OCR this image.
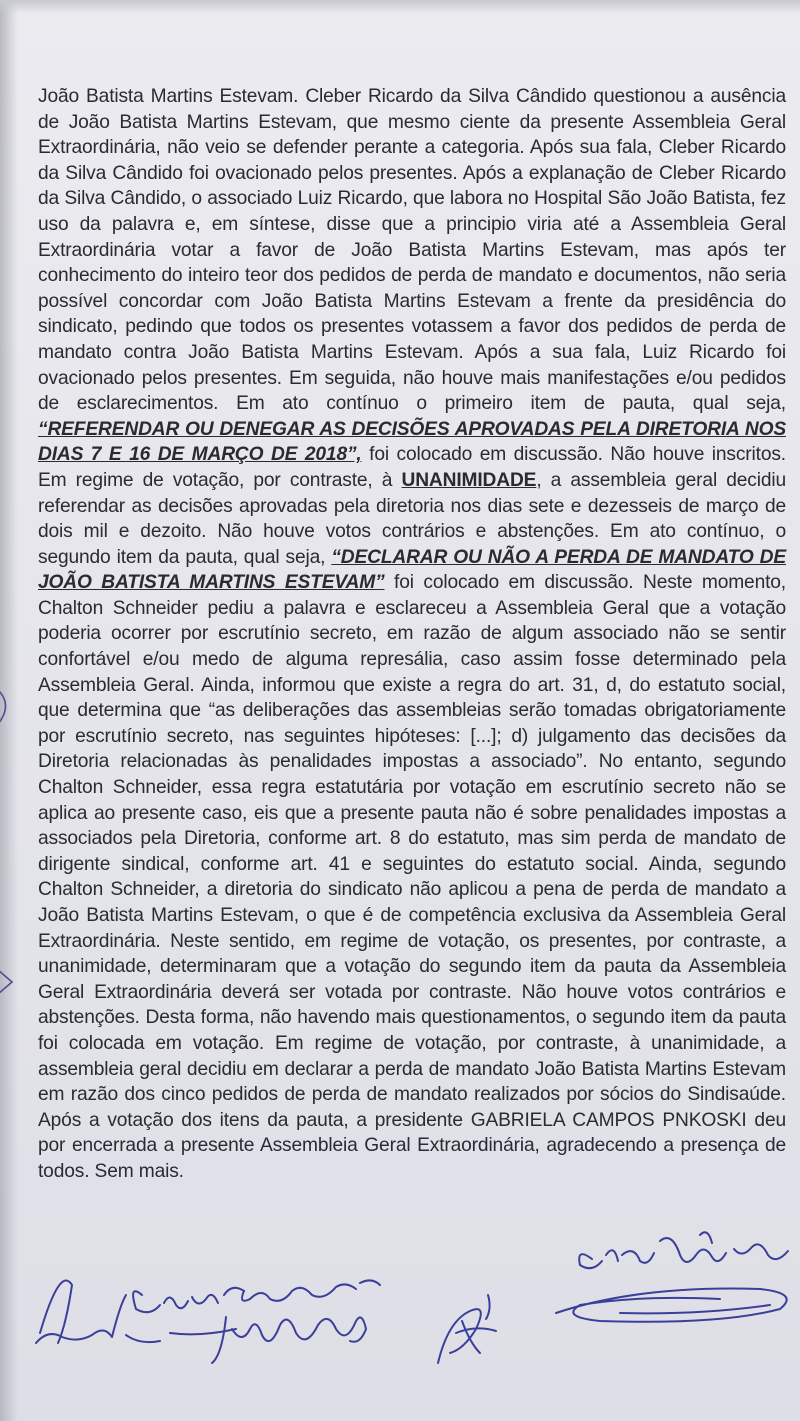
João Batista Martins Estevam. Cleber Ricardo da Silva Cândido questionou a ausência de João Batista Martins Estevam, que mesmo ciente da presente Assembleia Geral Extraordinária, não veio se defender perante a categoria. Após sua fala, Cleber Ricardo da Silva Cândido foi ovacionado pelos presentes. Após a explanação de Cleber Ricardo da Silva Cândido, o associado Luiz Ricardo, que labora no Hospital São João Batista, fez uso da palavra e, em síntese, disse que a principio viria até a Assembleia Geral Extraordinária votar a favor de João Batista Martins Estevam, mas após ter conhecimento do inteiro teor dos pedidos de perda de mandato e documentos, não seria possível concordar com João Batista Martins Estevam a frente da presidência do sindicato, pedindo que todos os presentes votassem a favor dos pedidos de perda de mandato contra João Batista Martins Estevam. Após a sua fala, Luiz Ricardo foi ovacionado pelos presentes. Em seguida, não houve mais manifestações e/ou pedidos de esclarecimentos. Em ato contínuo o primeiro item de pauta, qual seja, “REFERENDAR OU DENEGAR AS DECISÕES APROVADAS PELA DIRETORIA NOS DIAS 7 E 16 DE MARÇO DE 2018”, foi colocado em discussão. Não houve inscritos. Em regime de votação, por contraste, à UNANIMIDADE, a assembleia geral decidiu referendar as decisões aprovadas pela diretoria nos dias sete e dezesseis de março de dois mil e dezoito. Não houve votos contrários e abstenções. Em ato contínuo, o segundo item da pauta, qual seja, “DECLARAR OU NÃO A PERDA DE MANDATO DE JOÃO BATISTA MARTINS ESTEVAM” foi colocado em discussão. Neste momento, Chalton Schneider pediu a palavra e esclareceu a Assembleia Geral que a votação poderia ocorrer por escrutínio secreto, em razão de algum associado não se sentir confortável e/ou medo de alguma represália, caso assim fosse determinado pela Assembleia Geral. Ainda, informou que existe a regra do art. 31, d, do estatuto social, que determina que “as deliberações das assembleias serão tomadas obrigatoriamente por escrutínio secreto, nas seguintes hipóteses: [...]; d) julgamento das decisões da Diretoria relacionadas às penalidades impostas a associado”. No entanto, segundo Chalton Schneider, essa regra estatutária por votação em escrutínio secreto não se aplica ao presente caso, eis que a presente pauta não é sobre penalidades impostas a associados pela Diretoria, conforme art. 8 do estatuto, mas sim perda de mandato de dirigente sindical, conforme art. 41 e seguintes do estatuto social. Ainda, segundo Chalton Schneider, a diretoria do sindicato não aplicou a pena de perda de mandato a João Batista Martins Estevam, o que é de competência exclusiva da Assembleia Geral Extraordinária. Neste sentido, em regime de votação, os presentes, por contraste, a unanimidade, determinaram que a votação do segundo item da pauta da Assembleia Geral Extraordinária deverá ser votada por contraste. Não houve votos contrários e abstenções. Desta forma, não havendo mais questionamentos, o segundo item da pauta foi colocada em votação. Em regime de votação, por contraste, à unanimidade, a assembleia geral decidiu em declarar a perda de mandato João Batista Martins Estevam em razão dos cinco pedidos de perda de mandato realizados por sócios do Sindisaúde. Após a votação dos itens da pauta, a presidente GABRIELA CAMPOS PNKOSKI deu por encerrada a presente Assembleia Geral Extraordinária, agradecendo a presença de todos. Sem mais.
